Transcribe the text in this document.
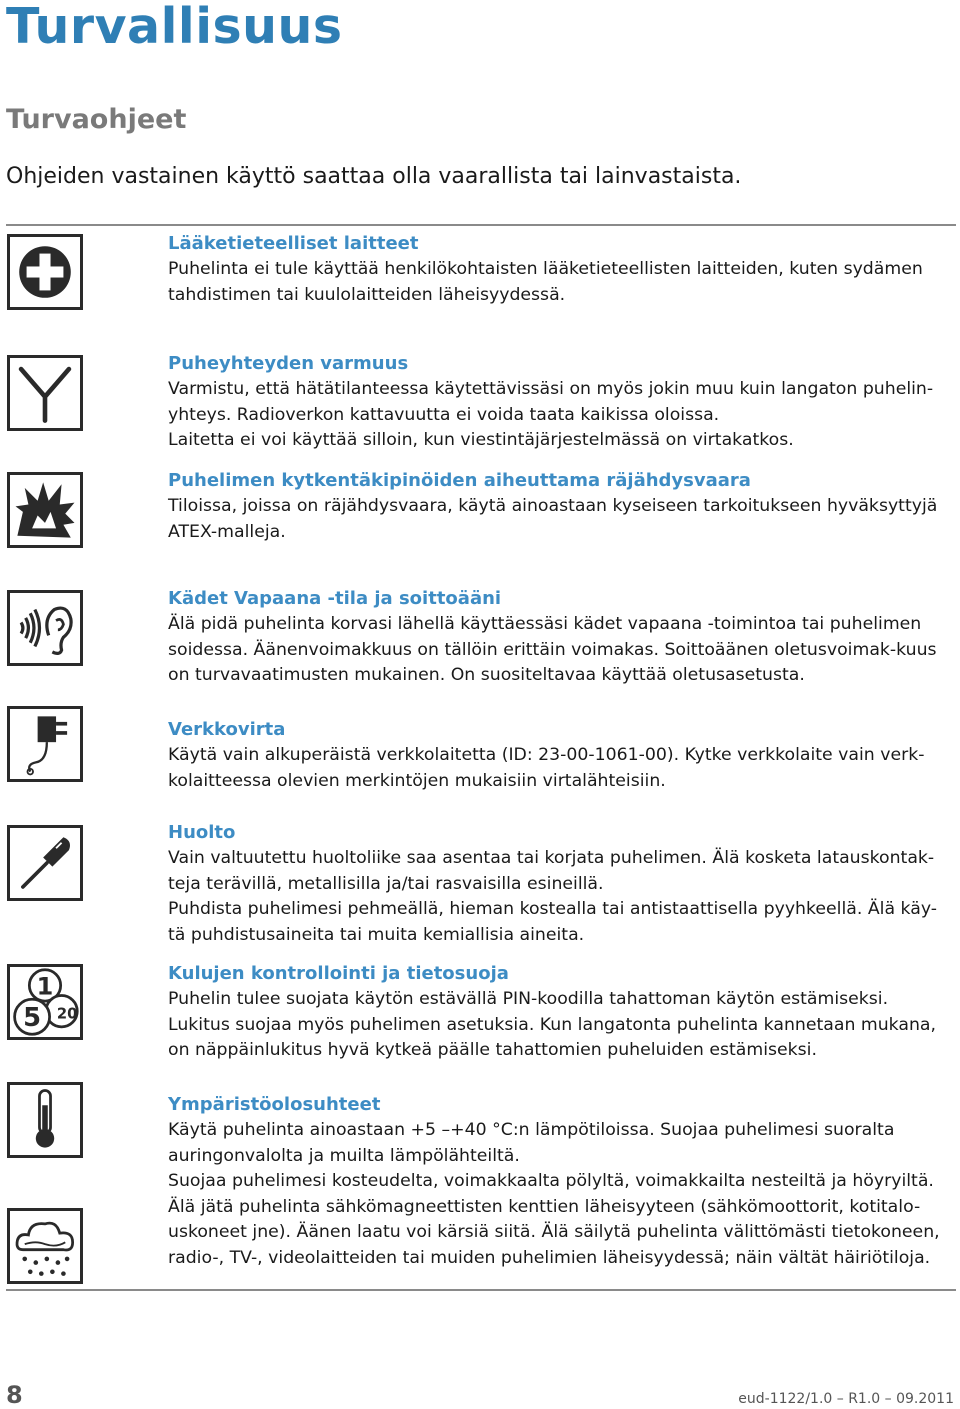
Turvallisuus
Turvaohjeet

Ohjeiden vastainen käyttö saattaa olla vaarallista tai lainvastaista.

1
20
5
Lääketieteelliset laitteet

Puhelinta ei tule käyttää henkilökohtaisten lääketieteellisten laitteiden, kuten sydämen tahdistimen tai kuulolaitteiden läheisyydessä.

Puheyhteyden varmuus

Varmistu, että hätätilanteessa käytettävissäsi on myös jokin muu kuin langaton puhelin-yhteys. Radioverkon kattavuutta ei voida taata kaikissa oloissa.

Laitetta ei voi käyttää silloin, kun viestintäjärjestelmässä on virtakatkos.

Puhelimen kytkentäkipinöiden aiheuttama räjähdysvaara

Tiloissa, joissa on räjähdysvaara, käytä ainoastaan kyseiseen tarkoitukseen hyväksyttyjä ATEX-malleja.

Kädet Vapaana -tila ja soittoääni

Älä pidä puhelinta korvasi lähellä käyttäessäsi kädet vapaana -toimintoa tai puhelimen soidessa. Äänenvoimakkuus on tällöin erittäin voimakas. Soittoäänen oletusvoimak-kuus on turvavaatimusten mukainen. On suositeltavaa käyttää oletusasetusta.

Verkkovirta

Käytä vain alkuperäistä verkkolaitetta (ID: 23-00-1061-00). Kytke verkkolaite vain verk-kolaitteessa olevien merkintöjen mukaisiin virtalähteisiin.

Huolto

Vain valtuutettu huoltoliike saa asentaa tai korjata puhelimen. Älä kosketa latauskontak-teja terävillä, metallisilla ja/tai rasvaisilla esineillä.

Puhdista puhelimesi pehmeällä, hieman kostealla tai antistaattisella pyyhkeellä. Älä käy-tä puhdistusaineita tai muita kemiallisia aineita.

Kulujen kontrollointi ja tietosuoja

Puhelin tulee suojata käytön estävällä PIN-koodilla tahattoman käytön estämiseksi.

Lukitus suojaa myös puhelimen asetuksia. Kun langatonta puhelinta kannetaan mukana, on näppäinlukitus hyvä kytkeä päälle tahattomien puheluiden estämiseksi.

Ympäristöolosuhteet

Käytä puhelinta ainoastaan +5 –+40 °C:n lämpötiloissa. Suojaa puhelimesi suoralta auringonvalolta ja muilta lämpölähteiltä.

Suojaa puhelimesi kosteudelta, voimakkaalta pölyltä, voimakkailta nesteiltä ja höyryiltä. Älä jätä puhelinta sähkömagneettisten kenttien läheisyyteen (sähkömoottorit, kotitalo-uskoneet jne). Äänen laatu voi kärsiä siitä. Älä säilytä puhelinta välittömästi tietokoneen, radio-, TV-, videolaitteiden tai muiden puhelimien läheisyydessä; näin vältät häiriötiloja.

8	eud-1122/1.0 – R1.0 – 09.2011
